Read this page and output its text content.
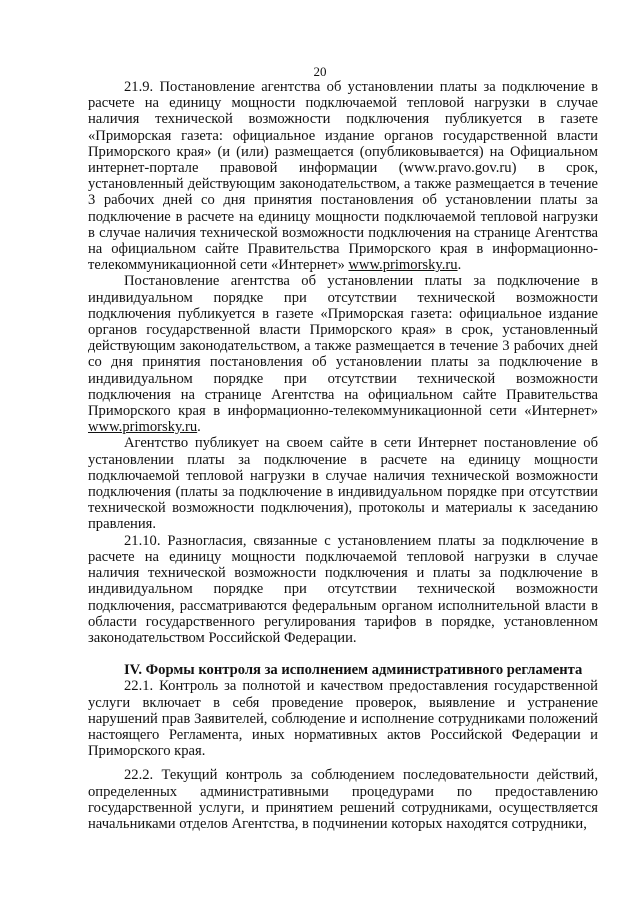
20

21.9. Постановление агентства об установлении платы за подключение в расчете на единицу мощности подключаемой тепловой нагрузки в случае наличия технической возможности подключения публикуется в газете «Приморская газета: официальное издание органов государственной власти Приморского края» (и (или) размещается (опубликовывается) на Официальном интернет-портале правовой информации (www.pravo.gov.ru) в срок, установленный действующим законодательством, а также размещается в течение 3 рабочих дней со дня принятия постановления об установлении платы за подключение в расчете на единицу мощности подключаемой тепловой нагрузки в случае наличия технической возможности подключения на странице Агентства на официальном сайте Правительства Приморского края в информационно-телекоммуникационной сети «Интернет» www.primorsky.ru.

Постановление агентства об установлении платы за подключение в индивидуальном порядке при отсутствии технической возможности подключения публикуется в газете «Приморская газета: официальное издание органов государственной власти Приморского края» в срок, установленный действующим законодательством, а также размещается в течение 3 рабочих дней со дня принятия постановления об установлении платы за подключение в индивидуальном порядке при отсутствии технической возможности подключения на странице Агентства на официальном сайте Правительства Приморского края в информационно-телекоммуникационной сети «Интернет» www.primorsky.ru.

Агентство публикует на своем сайте в сети Интернет постановление об установлении платы за подключение в расчете на единицу мощности подключаемой тепловой нагрузки в случае наличия технической возможности подключения (платы за подключение в индивидуальном порядке при отсутствии технической возможности подключения), протоколы и материалы к заседанию правления.

21.10. Разногласия, связанные с установлением платы за подключение в расчете на единицу мощности подключаемой тепловой нагрузки в случае наличия технической возможности подключения и платы за подключение в индивидуальном порядке при отсутствии технической возможности подключения, рассматриваются федеральным органом исполнительной власти в области государственного регулирования тарифов в порядке, установленном законодательством Российской Федерации.

IV. Формы контроля за исполнением административного регламента

22.1. Контроль за полнотой и качеством предоставления государственной услуги включает в себя проведение проверок, выявление и устранение нарушений прав Заявителей, соблюдение и исполнение сотрудниками положений настоящего Регламента, иных нормативных актов Российской Федерации и Приморского края.

22.2. Текущий контроль за соблюдением последовательности действий, определенных административными процедурами по предоставлению государственной услуги, и принятием решений сотрудниками, осуществляется начальниками отделов Агентства, в подчинении которых находятся сотрудники,
